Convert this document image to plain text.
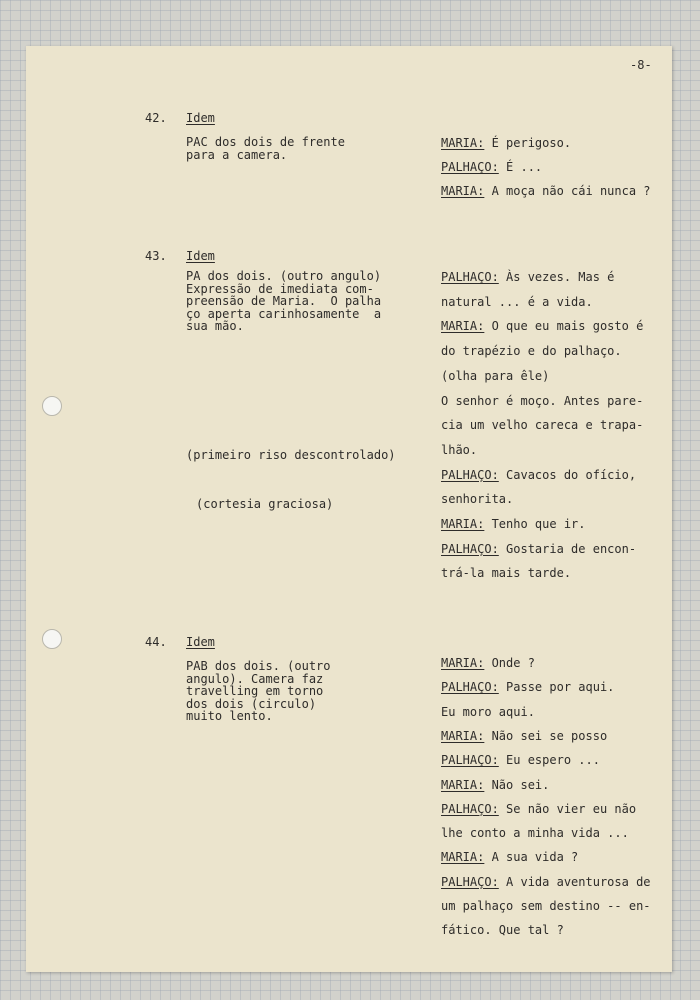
-8-
42. Idem
PAC dos dois de frente
para a camera.
MARIA: É perigoso.
PALHAÇO: É ...
MARIA: A moça não cái nunca ?
43. Idem
PA dos dois. (outro angulo)
Expressão de imediata com-
preensão de Maria.  O palha
ço aperta carinhosamente  a
sua mão.
(primeiro riso descontrolado)
(cortesia graciosa)
PALHAÇO: Às vezes. Mas é
natural ... é a vida.
MARIA: O que eu mais gosto é
do trapézio e do palhaço.
(olha para êle)
O senhor é moço. Antes pare-
cia um velho careca e trapa-
lhão.
PALHAÇO: Cavacos do ofício,
senhorita.
MARIA: Tenho que ir.
PALHAÇO: Gostaria de encon-
trá-la mais tarde.
44. Idem
PAB dos dois. (outro
angulo). Camera faz
travelling em torno
dos dois (circulo)
muito lento.
MARIA: Onde ?
PALHAÇO: Passe por aqui.
Eu moro aqui.
MARIA: Não sei se posso
PALHAÇO: Eu espero ...
MARIA: Não sei.
PALHAÇO: Se não vier eu não
lhe conto a minha vida ...
MARIA: A sua vida ?
PALHAÇO: A vida aventurosa de
um palhaço sem destino -- en-
fático. Que tal ?
